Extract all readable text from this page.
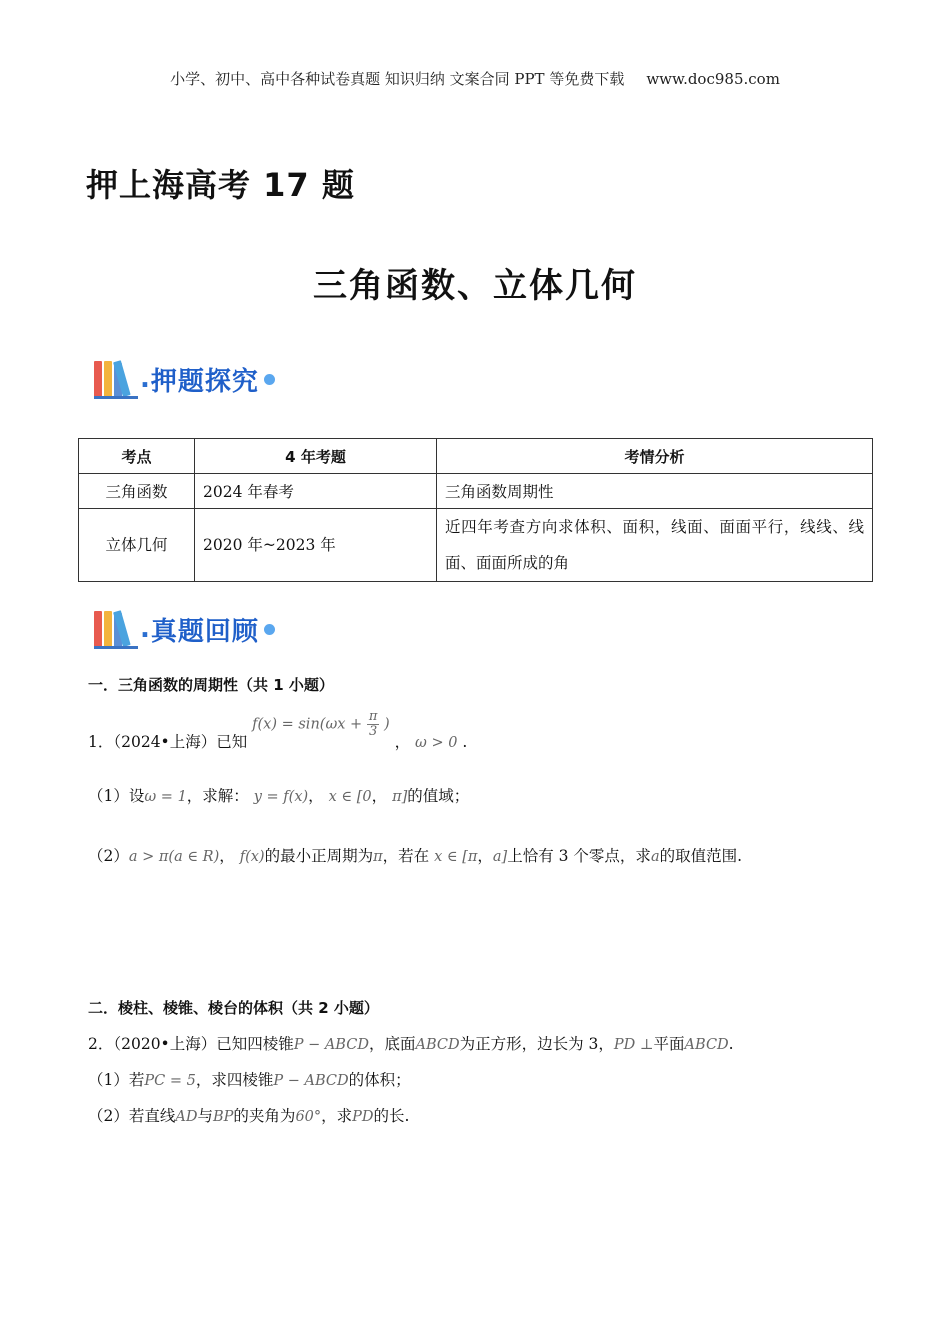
小学、初中、高中各种试卷真题 知识归纳 文案合同 PPT 等免费下载 www.doc985.com
押上海高考 17 题
三角函数、立体几何
. 押题探究
考点	4 年考题	考情分析
三角函数	2024 年春考	三角函数周期性
立体几何	2020 年~2023 年	近四年考查方向求体积、面积，线面、面面平行，线线、线面、面面所成的角
. 真题回顾
一．三角函数的周期性（共 1 小题）
1．（2024•上海）已知 $f(x) = \sin(\omega x + \frac{\pi}{3}$ ) ， ω > 0 .
（1）设ω = 1，求解： y = f(x)， x ∈ [0， π]的值域；
（2）a > π(a ∈ R)， f(x)的最小正周期为π，若在 x ∈ [π，a]上恰有 3 个零点，求a的取值范围.
二．棱柱、棱锥、棱台的体积（共 2 小题）
2．（2020•上海）已知四棱锥P − ABCD，底面ABCD为正方形，边长为 3，PD ⊥平面ABCD.
（1）若PC = 5，求四棱锥P − ABCD的体积；
（2）若直线AD与BP的夹角为60°，求PD的长.
